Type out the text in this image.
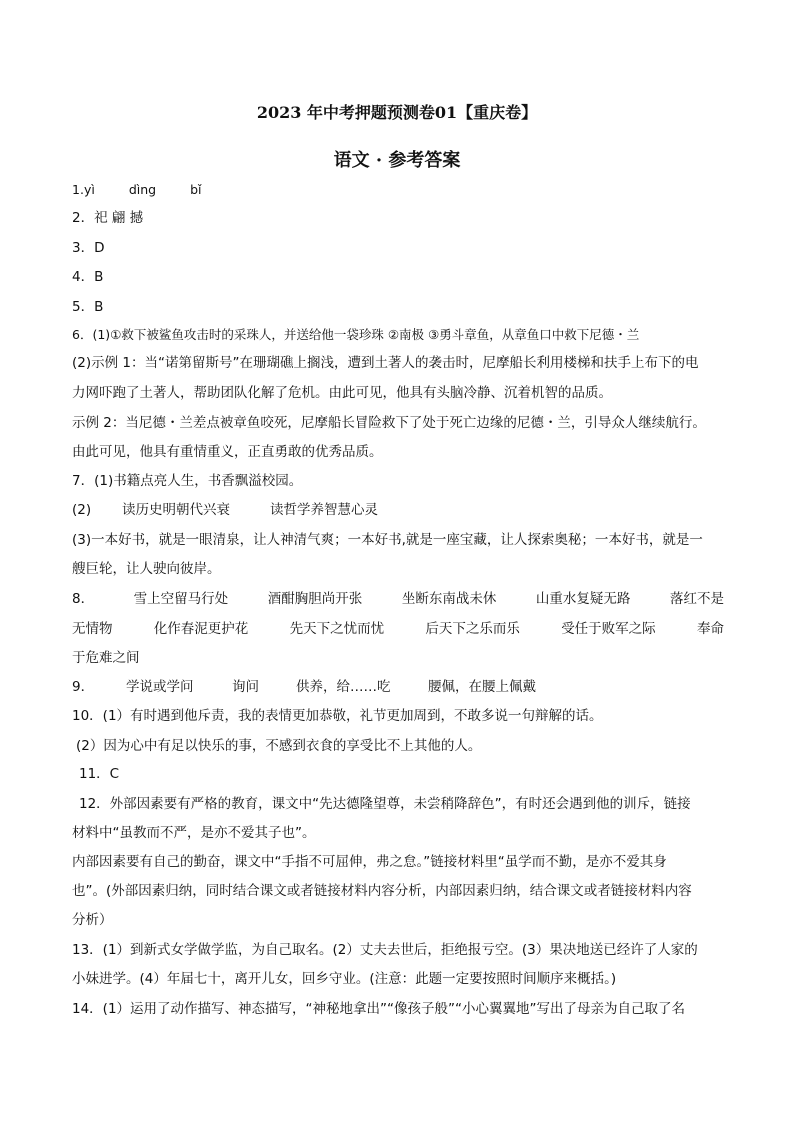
2023 年中考押题预测卷01【重庆卷】
语文 · 参考答案
1.yì	dìng	bǐ
2．祀 翩 撼
3．D
4．B
5．B
6．(1)①救下被鲨鱼攻击时的采珠人，并送给他一袋珍珠 ②南极 ③勇斗章鱼，从章鱼口中救下尼德・兰
(2)示例 1：当“诺第留斯号”在珊瑚礁上搁浅，遭到土著人的袭击时，尼摩船长利用楼梯和扶手上布下的电
力网吓跑了土著人，帮助团队化解了危机。由此可见，他具有头脑冷静、沉着机智的品质。
示例 2：当尼德・兰差点被章鱼咬死，尼摩船长冒险救下了处于死亡边缘的尼德・兰，引导众人继续航行。
由此可见，他具有重情重义，正直勇敢的优秀品质。
7．(1)书籍点亮人生，书香飘溢校园。
(2)	读历史明朝代兴衰	读哲学养智慧心灵
(3)一本好书，就是一眼清泉，让人神清气爽；一本好书,就是一座宝藏，让人探索奥秘；一本好书，就是一
艘巨轮，让人驶向彼岸。
8．	雪上空留马行处	酒酣胸胆尚开张	坐断东南战未休	山重水复疑无路	落红不是
无情物	化作春泥更护花	先天下之忧而忧	后天下之乐而乐	受任于败军之际	奉命
于危难之间
9．	学说或学问	询问	供养，给……吃	腰佩，在腰上佩戴
10．(1）有时遇到他斥责，我的表情更加恭敬，礼节更加周到，不敢多说一句辩解的话。
(2）因为心中有足以快乐的事，不感到衣食的享受比不上其他的人。
11．C
12．外部因素要有严格的教育，课文中“先达德隆望尊，未尝稍降辞色”，有时还会遇到他的训斥，链接
材料中“虽教而不严，是亦不爱其子也”。
内部因素要有自己的勤奋，课文中“手指不可屈伸，弗之怠。”链接材料里“虽学而不勤，是亦不爱其身
也”。(外部因素归纳，同时结合课文或者链接材料内容分析，内部因素归纳，结合课文或者链接材料内容
分析）
13．(1）到新式女学做学监，为自己取名。(2）丈夫去世后，拒绝报亏空。(3）果决地送已经许了人家的
小妹进学。(4）年届七十，离开儿女，回乡守业。(注意：此题一定要按照时间顺序来概括。)
14．(1）运用了动作描写、神态描写，“神秘地拿出”“像孩子般”“小心翼翼地”写出了母亲为自己取了名
